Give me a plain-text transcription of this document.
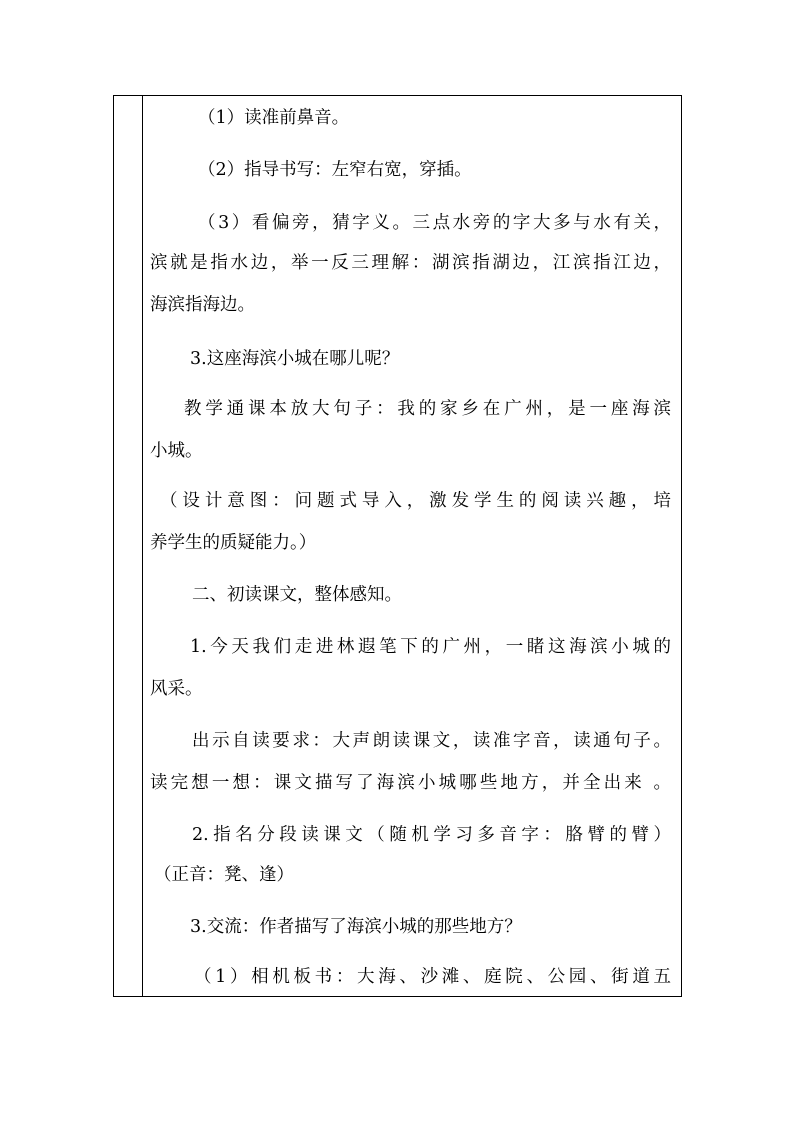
（1）读准前鼻音。

（2）指导书写：左窄右宽，穿插。

（3）看偏旁，猜字义。三点水旁的字大多与水有关，

滨就是指水边，举一反三理解：湖滨指湖边，江滨指江边，

海滨指海边。

3.这座海滨小城在哪儿呢？

教学通课本放大句子：我的家乡在广州，是一座海滨

小城。

（设计意图：问题式导入，激发学生的阅读兴趣，培

养学生的质疑能力。）

二、初读课文，整体感知。

1.今天我们走进林遐笔下的广州，一睹这海滨小城的

风采。

出示自读要求：大声朗读课文，读准字音，读通句子。

读完想一想：课文描写了海滨小城哪些地方，并全出来 。

2.指名分段读课文（随机学习多音字：胳臂的臂）

（正音：凳、逢）

3.交流：作者描写了海滨小城的那些地方？

（1）相机板书：大海、沙滩、庭院、公园、街道五
